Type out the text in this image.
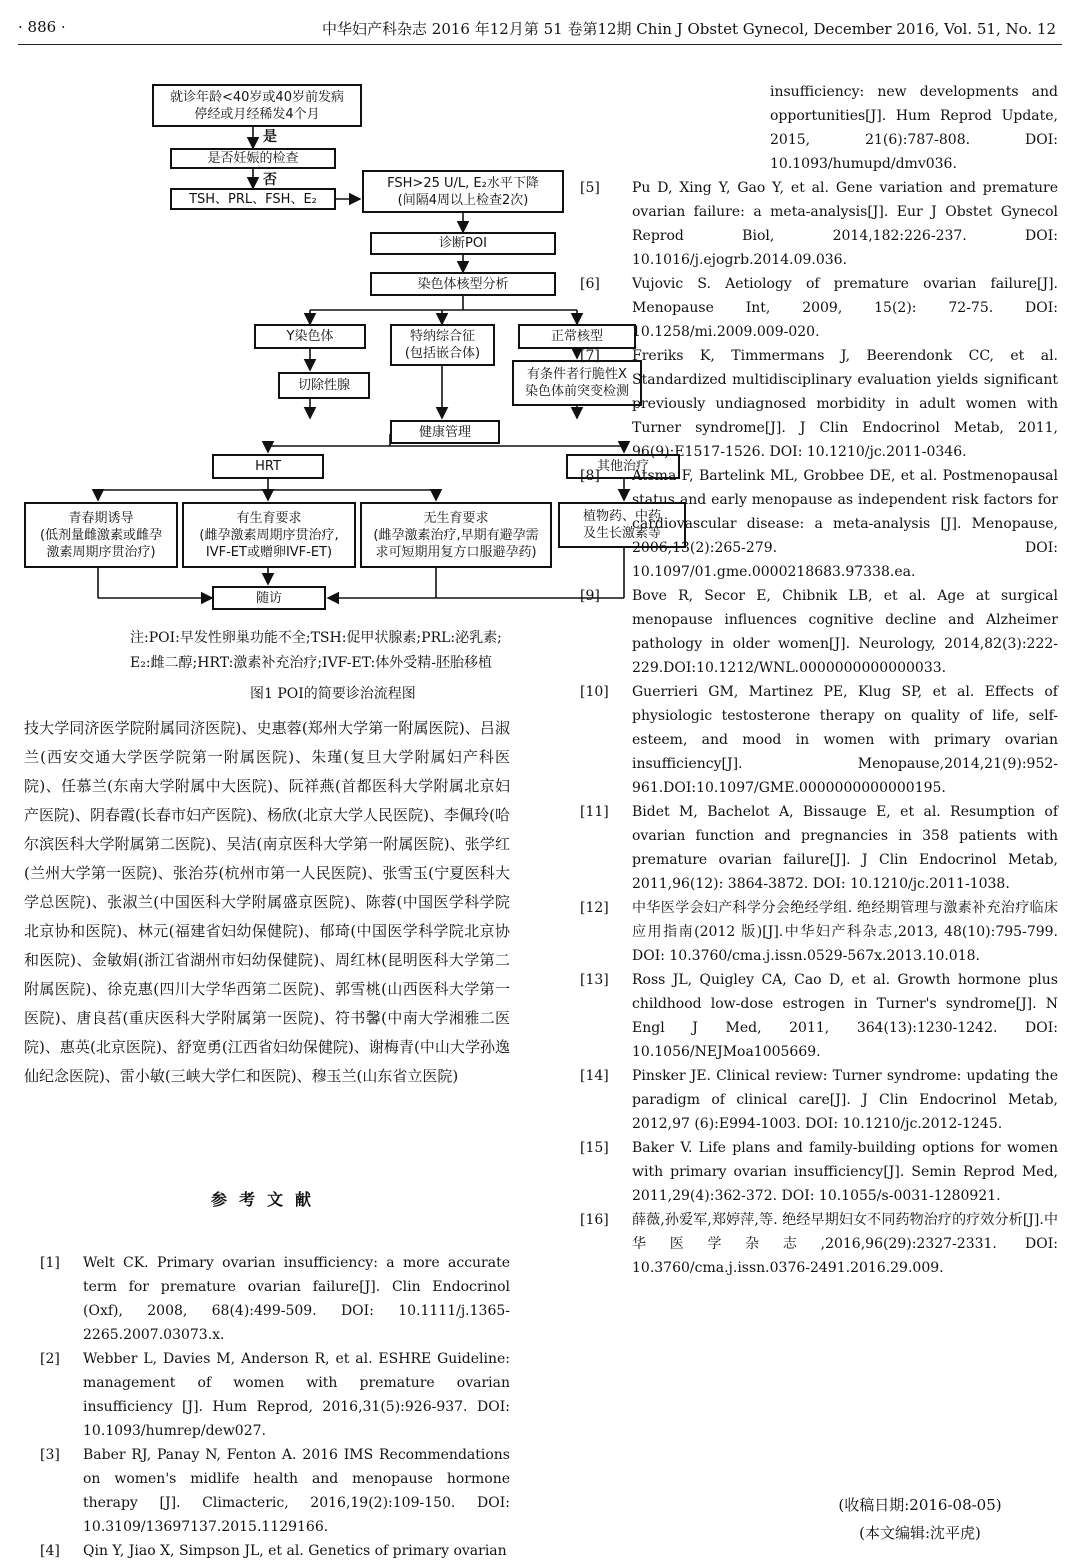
· 886 ·	中华妇产科杂志 2016 年12月第 51 卷第12期 Chin J Obstet Gynecol, December 2016, Vol. 51, No. 12
就诊年龄<40岁或40岁前发病
停经或月经稀发4个月
是
是否妊娠的检查
否
TSH、PRL、FSH、E₂
FSH>25 U/L, E₂水平下降
(间隔4周以上检查2次)
诊断POI
染色体核型分析
Y染色体	特纳综合征
(包括嵌合体)
正常核型
切除性腺
有条件者行脆性X
染色体前突变检测
健康管理
HRT	其他治疗
青春期诱导
(低剂量雌激素或雌孕
激素周期序贯治疗)
有生育要求
(雌孕激素周期序贯治疗,
IVF-ET或赠卵IVF-ET)
无生育要求
(雌孕激素治疗,早期有避孕需
求可短期用复方口服避孕药)
植物药、中药
及生长激素等
随访
注:POI:早发性卵巢功能不全;TSH:促甲状腺素;PRL:泌乳素;
E₂:雌二醇;HRT:激素补充治疗;IVF-ET:体外受精-胚胎移植
图1 POI的简要诊治流程图
技大学同济医学院附属同济医院)、史惠蓉(郑州大学第一附属医院)、吕淑兰(西安交通大学医学院第一附属医院)、朱瑾(复旦大学附属妇产科医院)、任慕兰(东南大学附属中大医院)、阮祥燕(首都医科大学附属北京妇产医院)、阴春霞(长春市妇产医院)、杨欣(北京大学人民医院)、李佩玲(哈尔滨医科大学附属第二医院)、吴洁(南京医科大学第一附属医院)、张学红(兰州大学第一医院)、张治芬(杭州市第一人民医院)、张雪玉(宁夏医科大学总医院)、张淑兰(中国医科大学附属盛京医院)、陈蓉(中国医学科学院北京协和医院)、林元(福建省妇幼保健院)、郁琦(中国医学科学院北京协和医院)、金敏娟(浙江省湖州市妇幼保健院)、周红林(昆明医科大学第二附属医院)、徐克惠(四川大学华西第二医院)、郭雪桃(山西医科大学第一医院)、唐良萏(重庆医科大学附属第一医院)、符书馨(中南大学湘雅二医院)、惠英(北京医院)、舒宽勇(江西省妇幼保健院)、谢梅青(中山大学孙逸仙纪念医院)、雷小敏(三峡大学仁和医院)、穆玉兰(山东省立医院)
参考文献
[1]	Welt CK. Primary ovarian insufficiency: a more accurate term for premature ovarian failure[J]. Clin Endocrinol (Oxf), 2008, 68(4):499-509. DOI: 10.1111/j.1365-2265.2007.03073.x.
[2]	Webber L, Davies M, Anderson R, et al. ESHRE Guideline: management of women with premature ovarian insufficiency [J]. Hum Reprod, 2016,31(5):926-937. DOI: 10.1093/humrep/dew027.
[3]	Baber RJ, Panay N, Fenton A. 2016 IMS Recommendations on women's midlife health and menopause hormone therapy [J]. Climacteric, 2016,19(2):109-150. DOI: 10.3109/13697137.2015.1129166.
[4]	Qin Y, Jiao X, Simpson JL, et al. Genetics of primary ovarian
insufficiency: new developments and opportunities[J]. Hum Reprod Update, 2015, 21(6):787-808. DOI: 10.1093/humupd/dmv036.
[5]	Pu D, Xing Y, Gao Y, et al. Gene variation and premature ovarian failure: a meta-analysis[J]. Eur J Obstet Gynecol Reprod Biol, 2014,182:226-237. DOI: 10.1016/j.ejogrb.2014.09.036.
[6]	Vujovic S. Aetiology of premature ovarian failure[J]. Menopause Int, 2009, 15(2): 72-75. DOI: 10.1258/mi.2009.009-020.
[7]	Freriks K, Timmermans J, Beerendonk CC, et al. Standardized multidisciplinary evaluation yields significant previously undiagnosed morbidity in adult women with Turner syndrome[J]. J Clin Endocrinol Metab, 2011, 96(9):E1517-1526. DOI: 10.1210/jc.2011-0346.
[8]	Atsma F, Bartelink ML, Grobbee DE, et al. Postmenopausal status and early menopause as independent risk factors for cardiovascular disease: a meta-analysis [J]. Menopause, 2006,13(2):265-279. DOI: 10.1097/01.gme.0000218683.97338.ea.
[9]	Bove R, Secor E, Chibnik LB, et al. Age at surgical menopause influences cognitive decline and Alzheimer pathology in older women[J]. Neurology, 2014,82(3):222-229.DOI:10.1212/WNL.0000000000000033.
[10]	Guerrieri GM, Martinez PE, Klug SP, et al. Effects of physiologic testosterone therapy on quality of life, self-esteem, and mood in women with primary ovarian insufficiency[J]. Menopause,2014,21(9):952-961.DOI:10.1097/GME.0000000000000195.
[11]	Bidet M, Bachelot A, Bissauge E, et al. Resumption of ovarian function and pregnancies in 358 patients with premature ovarian failure[J]. J Clin Endocrinol Metab, 2011,96(12): 3864-3872. DOI: 10.1210/jc.2011-1038.
[12]	中华医学会妇产科学分会绝经学组. 绝经期管理与激素补充治疗临床应用指南(2012 版)[J].中华妇产科杂志,2013, 48(10):795-799. DOI: 10.3760/cma.j.issn.0529-567x.2013.10.018.
[13]	Ross JL, Quigley CA, Cao D, et al. Growth hormone plus childhood low-dose estrogen in Turner's syndrome[J]. N Engl J Med, 2011, 364(13):1230-1242. DOI: 10.1056/NEJMoa1005669.
[14]	Pinsker JE. Clinical review: Turner syndrome: updating the paradigm of clinical care[J]. J Clin Endocrinol Metab, 2012,97 (6):E994-1003. DOI: 10.1210/jc.2012-1245.
[15]	Baker V. Life plans and family-building options for women with primary ovarian insufficiency[J]. Semin Reprod Med, 2011,29(4):362-372. DOI: 10.1055/s-0031-1280921.
[16]	薛薇,孙爱军,郑婷萍,等. 绝经早期妇女不同药物治疗的疗效分析[J].中华医学杂志,2016,96(29):2327-2331. DOI: 10.3760/cma.j.issn.0376-2491.2016.29.009.
(收稿日期:2016-08-05)
(本文编辑:沈平虎)
